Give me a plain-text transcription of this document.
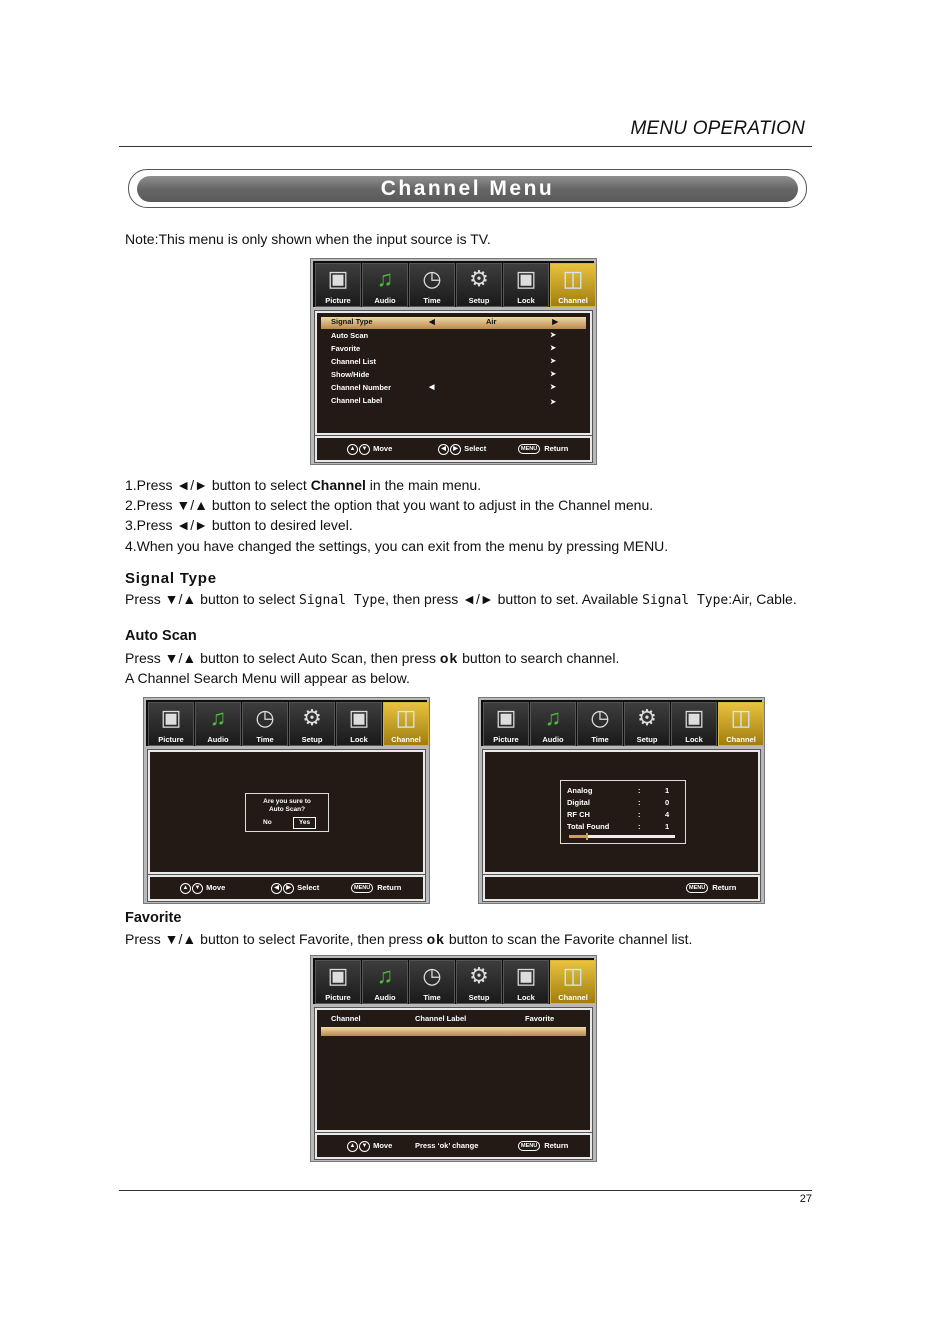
MENU OPERATION
Channel Menu
Note:This menu is only shown when the input source is TV.
▣
Picture
♫
Audio
◷
Time
⚙
Setup
▣
Lock
◫
Channel
Signal Type	◀	Air	▶
Auto Scan	➤
Favorite	➤
Channel List	➤
Show/Hide	➤
Channel Number	◀	➤
Channel Label	➤
▲ ▼ Move	◀ ▶ Select	MENU Return
1.Press ◄/► button to select Channel in the main menu.
2.Press ▼/▲ button to select the option that you want to adjust in the Channel menu.
3.Press ◄/► button to desired level.
4.When you have changed the settings, you can exit from the menu by pressing MENU.
Signal Type
Press ▼/▲ button to select Signal Type, then press ◄/► button to set. Available Signal Type:Air, Cable.
Auto Scan
Press ▼/▲ button to select Auto Scan, then press ok button to search channel.
A Channel Search Menu will appear as below.
▣
Picture
♫
Audio
◷
Time
⚙
Setup
▣
Lock
◫
Channel
Are you sure to
Auto Scan?
No	Yes
▲ ▼ Move	◀ ▶ Select	MENU Return
▣
Picture
♫
Audio
◷
Time
⚙
Setup
▣
Lock
◫
Channel
Analog	:	1
Digital	:	0
RF CH	:	4
Total Found	:	1
MENU Return
Favorite
Press ▼/▲ button to select Favorite, then press ok button to scan the Favorite channel list.
▣
Picture
♫
Audio
◷
Time
⚙
Setup
▣
Lock
◫
Channel
Channel	Channel Label	Favorite
▲ ▼ Move	Press ‘ok’ change	MENU Return
27
